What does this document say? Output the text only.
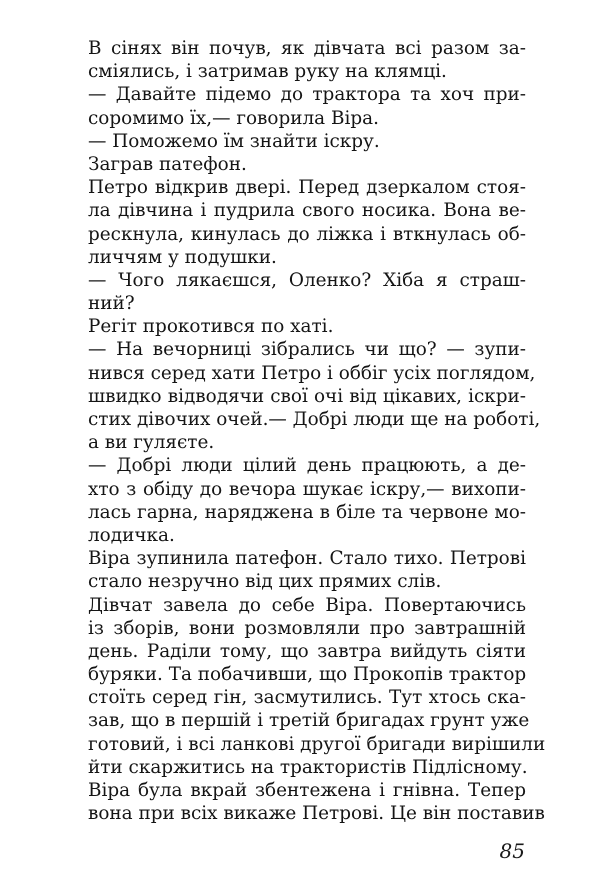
В сінях він почув, як дівчата всі разом за-
сміялись, і затримав руку на клямці.
— Давайте підемо до трактора та хоч при-
соромимо їх,— говорила Віра.
— Поможемо їм знайти іскру.
Заграв патефон.
Петро відкрив двері. Перед дзеркалом стоя-
ла дівчина і пудрила свого носика. Вона ве-
рескнула, кинулась до ліжка і вткнулась об-
личчям у подушки.
— Чого лякаєшся, Оленко? Хіба я страш-
ний?
Регіт прокотився по хаті.
— На вечорниці зібрались чи що? — зупи-
нився серед хати Петро і оббіг усіх поглядом,
швидко відводячи свої очі від цікавих, іскри-
стих дівочих очей.— Добрі люди ще на роботі,
а ви гуляєте.
— Добрі люди цілий день працюють, а де-
хто з обіду до вечора шукає іскру,— вихопи-
лась гарна, наряджена в біле та червоне мо-
лодичка.
Віра зупинила патефон. Стало тихо. Петрові
стало незручно від цих прямих слів.
Дівчат завела до себе Віра. Повертаючись
із зборів, вони розмовляли про завтрашній
день. Раділи тому, що завтра вийдуть сіяти
буряки. Та побачивши, що Прокопів трактор
стоїть серед гін, засмутились. Тут хтось ска-
зав, що в першій і третій бригадах грунт уже
готовий, і всі ланкові другої бригади вирішили
йти скаржитись на трактористів Підлісному.
Віра була вкрай збентежена і гнівна. Тепер
вона при всіх викаже Петрові. Це він поставив
85
